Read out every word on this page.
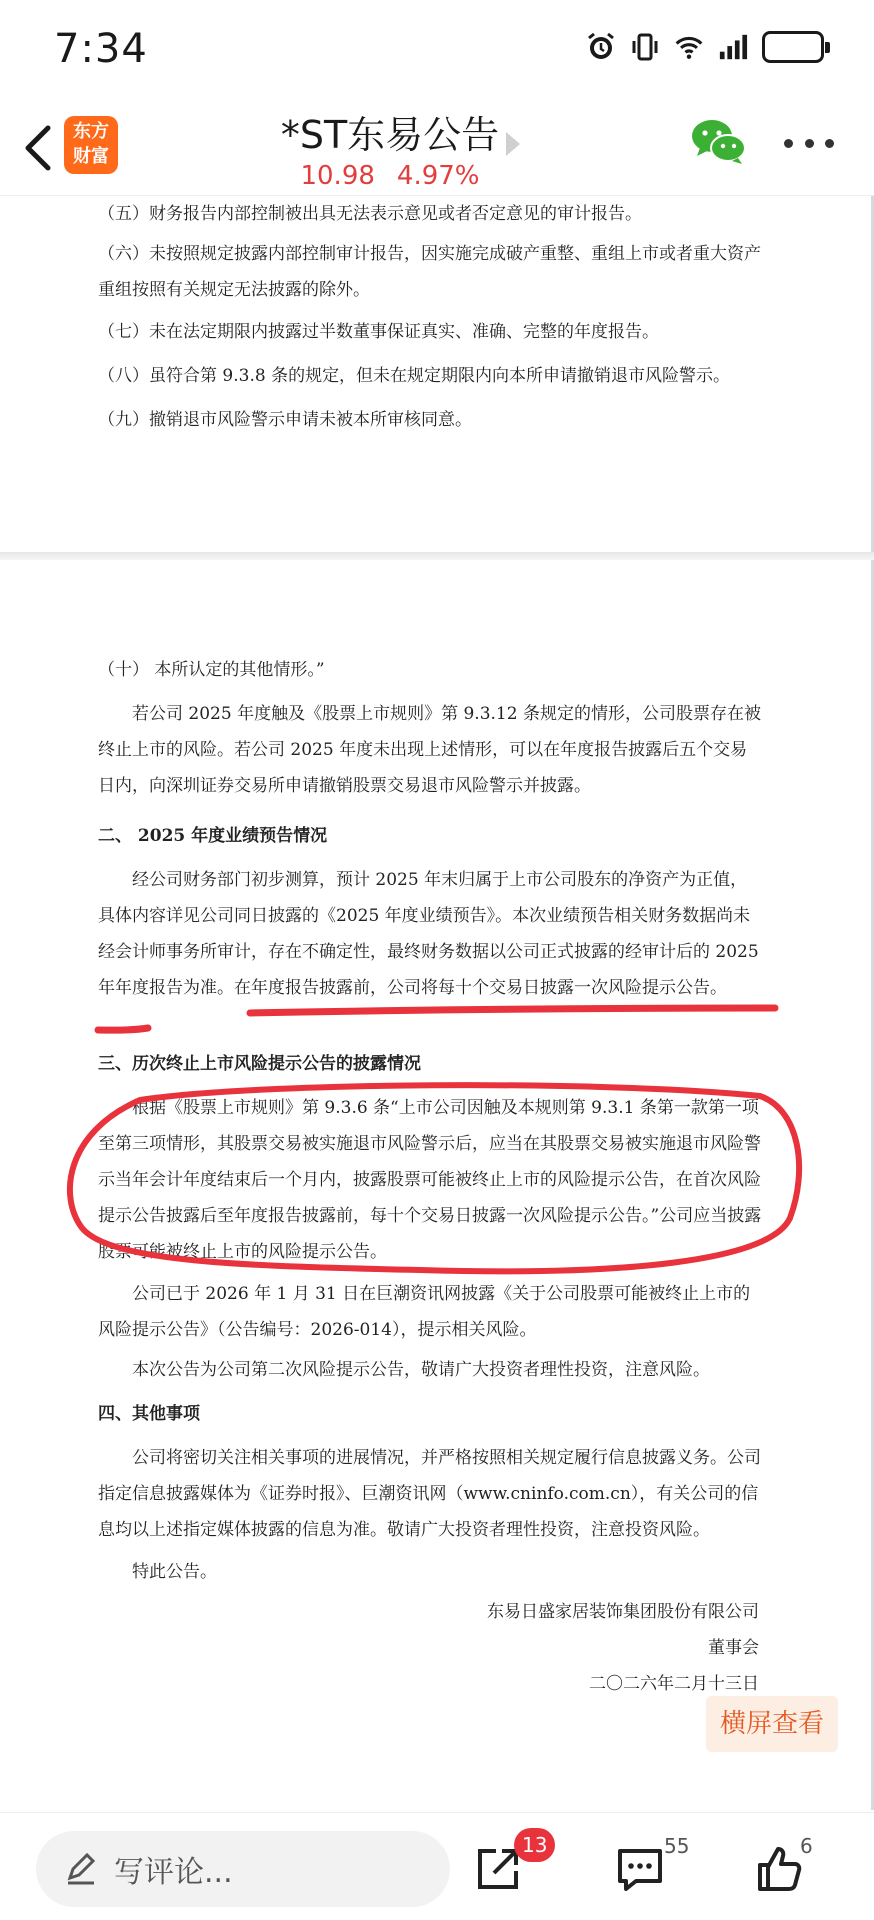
7:34
东方
财富	*ST东易公告
10.98 4.97%
（五）财务报告内部控制被出具无法表示意见或者否定意见的审计报告。
（六）未按照规定披露内部控制审计报告，因实施完成破产重整、重组上市或者重大资产重组按照有关规定无法披露的除外。
（七）未在法定期限内披露过半数董事保证真实、准确、完整的年度报告。
（八）虽符合第 9.3.8 条的规定，但未在规定期限内向本所申请撤销退市风险警示。
（九）撤销退市风险警示申请未被本所审核同意。
（十） 本所认定的其他情形。”
若公司 2025 年度触及《股票上市规则》第 9.3.12 条规定的情形，公司股票存在被终止上市的风险。若公司 2025 年度未出现上述情形，可以在年度报告披露后五个交易日内，向深圳证券交易所申请撤销股票交易退市风险警示并披露。
二、 2025 年度业绩预告情况
经公司财务部门初步测算，预计 2025 年末归属于上市公司股东的净资产为正值，具体内容详见公司同日披露的《2025 年度业绩预告》。本次业绩预告相关财务数据尚未经会计师事务所审计，存在不确定性，最终财务数据以公司正式披露的经审计后的 2025 年年度报告为准。在年度报告披露前，公司将每十个交易日披露一次风险提示公告。
三、历次终止上市风险提示公告的披露情况
根据《股票上市规则》第 9.3.6 条“上市公司因触及本规则第 9.3.1 条第一款第一项至第三项情形，其股票交易被实施退市风险警示后，应当在其股票交易被实施退市风险警示当年会计年度结束后一个月内，披露股票可能被终止上市的风险提示公告，在首次风险提示公告披露后至年度报告披露前，每十个交易日披露一次风险提示公告。”公司应当披露股票可能被终止上市的风险提示公告。
公司已于 2026 年 1 月 31 日在巨潮资讯网披露《关于公司股票可能被终止上市的风险提示公告》（公告编号：2026-014），提示相关风险。
本次公告为公司第二次风险提示公告，敬请广大投资者理性投资，注意风险。
四、其他事项
公司将密切关注相关事项的进展情况，并严格按照相关规定履行信息披露义务。公司指定信息披露媒体为《证券时报》、巨潮资讯网（www.cninfo.com.cn），有关公司的信息均以上述指定媒体披露的信息为准。敬请广大投资者理性投资，注意投资风险。
特此公告。
东易日盛家居装饰集团股份有限公司
董事会
二〇二六年二月十三日
横屏查看
写评论...
13	55	6
